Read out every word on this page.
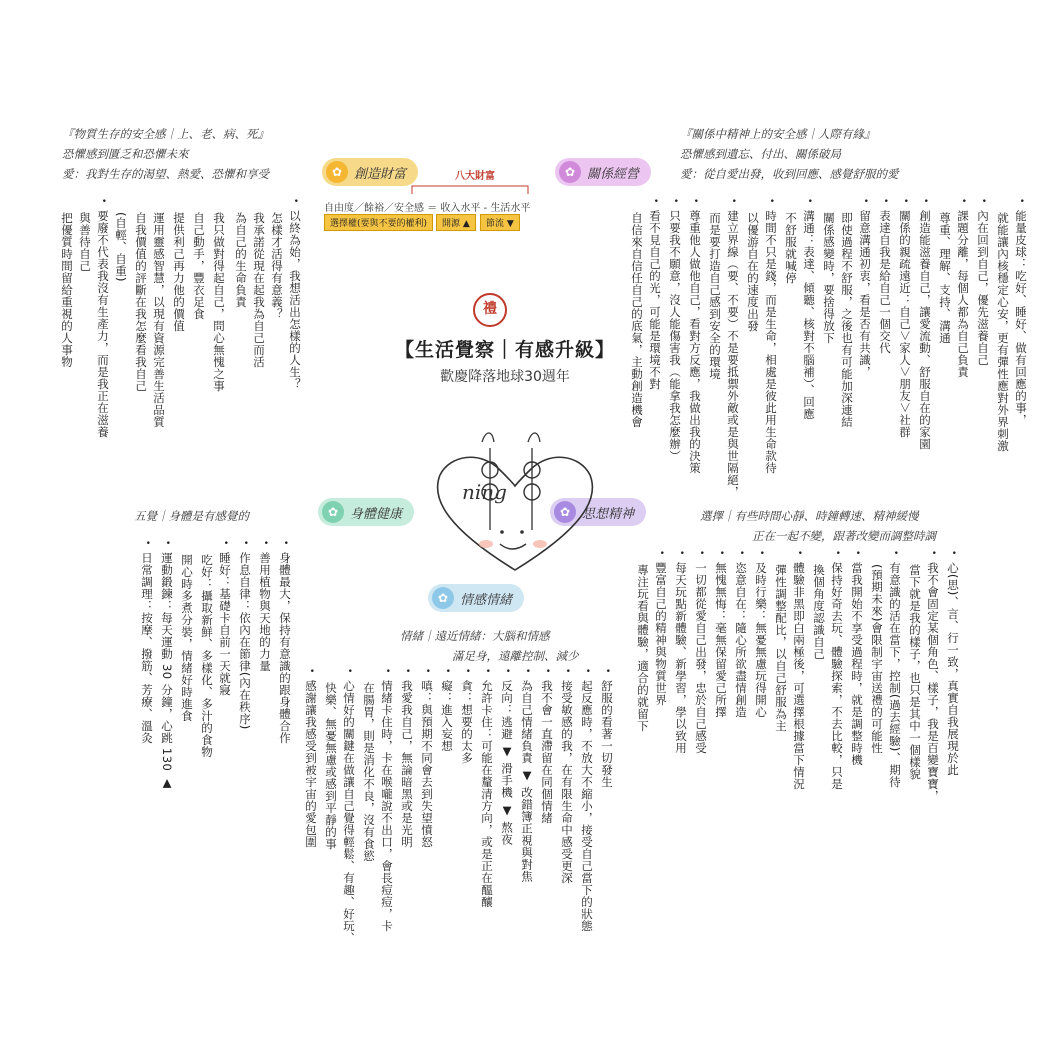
『物質生存的安全感｜上、老、病、死』
恐懼感到匱乏和恐懼未來
愛：我對生存的渴望、熱愛、恐懼和享受
『關係中精神上的安全感｜人際有緣』
恐懼感到遺忘、付出、關係破局
愛：從自愛出發，收到回應、感覺舒服的愛
✿ 創造財富	✿ 關係經營
✿ 身體健康	✿ 思想精神
✿ 情感情緒
八大財富
自由度／餘裕／安全感 ＝ 收入水平 - 生活水平
選擇權(要與不要的權利)	開源 ▲	節流 ▼
禮
【生活覺察｜有感升級】
歡慶降落地球30週年
ning
選擇｜有些時間心靜、時鐘轉速、精神緩慢
正在一起不變，跟著改變而調整時調
五覺｜身體是有感覺的
情緒｜遠近情緒：大腦和情感
滿足身，遠離控制、減少
• 以終為始，我想活出怎樣的人生？
怎樣才活得有意義？
我承諾從現在起我為自己而活
為自己的生命負責
我只做對得起自己，問心無愧之事
自己動手，豐衣足食
提供利己再力他的價值
運用靈感智慧，以現有資源完善生活品質
自我價值的評斷在我怎麼看我自己
(自輕、自重)
• 要廢不代表我沒有生產力，而是我正在滋養
與善待自己
把優質時間留給重視的人事物	• 能量皮球：吃好、睡好、做有回應的事，
就能讓內核穩定心安，更有彈性應對外界刺激
• 內在回到自己，優先滋養自己
• 課題分離，每個人都為自己負責
尊重、理解、支持、溝通
• 創造能滋養自己，讓愛流動、舒服自在的家園
• 關係的親疏遠近：自己＞家人＞朋友＞社群
• 表達自我是給自己一個交代
• 留意溝通初衷，看是否有共識，
即使過程不舒服，之後也有可能加深連結
關係感變時，要捨得放下
• 溝通：表達、傾聽、核對不腦補）、回應
不舒服就喊停
• 時間不只是錢，而是生命，相處是彼此用生命款待
以優游自在的速度出發
• 建立界線（要、不要）不是要抵禦外敵或是與世隔絕，
而是要打造自己感到安全的環境
• 尊重他人做他自己，看對方反應，我做出我的決策
• 只要我不願意，沒人能傷害我（能拿我怎麼辦）
• 看不見自己的光，可能是環境不對
自信來自信任自己的底氣，主動創造機會
• 身體最大，保持有意識的跟身體合作
• 善用植物與天地的力量
• 作息自律：依內在節律(內在秩序)
• 睡好：基礎卡自前一天就寢
吃好：攝取新鮮、多樣化、多汁的食物
開心時多煮分裝，情緒好時進食
• 運動鍛鍊：每天運動 30 分鐘，心跳 130 ▲
• 日常調理：按摩、撥筋、芳療、溫灸	• 心(思)、言、行一致，真實自我展現於此
• 我不會固定某個角色、樣子，我是百變寶寶，
當下就是我的樣子，也只是其中一個樣貌
• 有意識的活在當下，控制(過去經驗)、期待
(預期未來)會限制宇宙送禮的可能性
• 當我開始不享受過程時，就是調整時機
• 保持好奇去玩、體驗探索，不去比較，只是
換個角度認識自己
• 體驗非黑即白兩極後，可選擇根據當下情況
彈性調整配比，以自己舒服為主
• 及時行樂：無憂無慮玩得開心
• 恣意自在：隨心所欲盡情創造
• 無愧無悔：毫無保留愛己所擇
• 一切都從愛自己出發，忠於自己感受
• 每天玩點新體驗、新學習，學以致用
• 豐富自己的精神與物質世界
專注玩看與體驗，適合的就留下
• 舒服的看著一切發生
• 起反應時，不放大不縮小，接受自己當下的狀態
• 接受敏感的我，在有限生命中感受更深
• 我不會一直滯留在同個情緒
• 為自己情緒負責 ▼ 改錯簿正視與對焦
• 反向：逃避 ▼ 滑手機 ▼ 熬夜
• 允許卡住：可能在釐清方向，或是正在醞釀
• 貪：想要的太多
• 癡：進入妄想
• 嗔：與預期不同會去到失望憤怒
• 我愛我自己，無論暗黑或是光明
• 情緒卡住時，卡在喉嚨說不出口，會長痘痘，卡
在腸胃，則是消化不良，沒有食慾
• 心情好的關鍵在做讓自己覺得輕鬆、有趣、好玩、
快樂、無憂無慮或感到平靜的事
• 感謝讓我感受到被宇宙的愛包圍
